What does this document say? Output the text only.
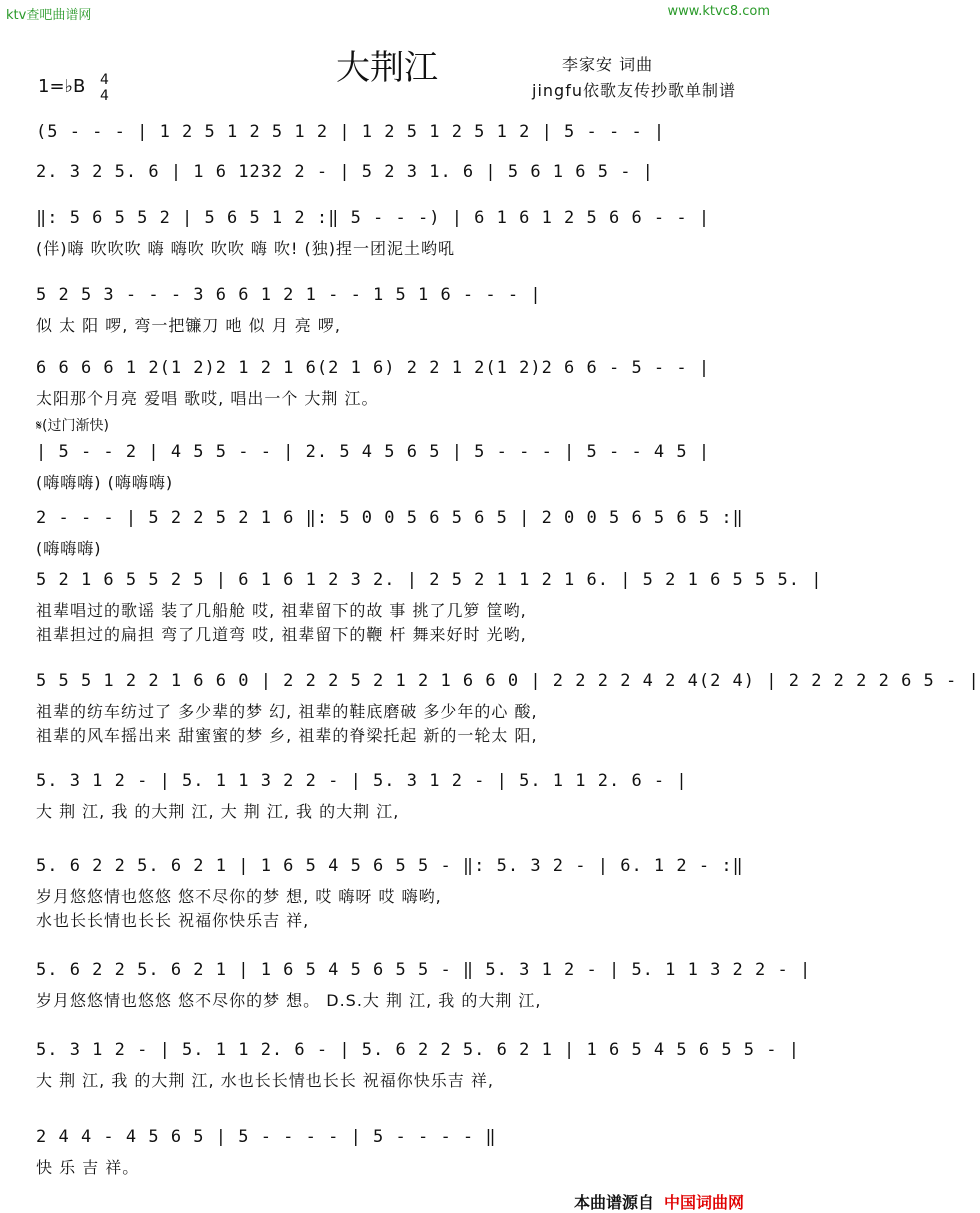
ktv查吧曲谱网	www.ktvc8.com
大荆江	李家安 词曲
jingfu依歌友传抄歌单制谱
1=♭B 4
4
(5 - - - | 1 2 5 1 2 5 1 2 | 1 2 5 1 2 5 1 2 | 5 - - - |
2. 3 2 5. 6 | 1 6 1232 2 - | 5 2 3 1. 6 | 5 6 1 6 5 - |
‖: 5 6 5 5 2 | 5 6 5 1 2 :‖ 5 - - -) | 6 1 6 1 2 5 6 6 - - |
(伴)嗨 吹吹吹 嗨 嗨吹 吹吹 嗨 吹! (独)捏一团泥土哟吼
5 2 5 3 - - - 3 6 6 1 2 1 - - 1 5 1 6 - - - |
似 太 阳 啰, 弯一把镰刀 吔 似 月 亮 啰,
6 6 6 6 1 2(1 2)2 1 2 1 6(2 1 6) 2 2 1 2(1 2)2 6 6 - 5 - - |
太阳那个月亮 爱唱 歌哎, 唱出一个 大荆 江。
| 5 - - 2 | 4 5 5 - - | 2. 5 4 5 6 5 | 5 - - - | 5 - - 4 5 |
(嗨嗨嗨) (嗨嗨嗨)
2 - - - | 5 2 2 5 2 1 6 ‖: 5 0 0 5 6 5 6 5 | 2 0 0 5 6 5 6 5 :‖
(嗨嗨嗨)
5 2 1 6 5 5 2 5 | 6 1 6 1 2 3 2. | 2 5 2 1 1 2 1 6. | 5 2 1 6 5 5 5. |
祖辈唱过的歌谣 装了几船舱 哎, 祖辈留下的故 事 挑了几箩 筐哟,
祖辈担过的扁担 弯了几道弯 哎, 祖辈留下的鞭 杆 舞来好时 光哟,
5 5 5 1 2 2 1 6 6 0 | 2 2 2 5 2 1 2 1 6 6 0 | 2 2 2 2 4 2 4(2 4) | 2 2 2 2 2 6 5 - |
祖辈的纺车纺过了 多少辈的梦 幻, 祖辈的鞋底磨破 多少年的心 酸,
祖辈的风车摇出来 甜蜜蜜的梦 乡, 祖辈的脊梁托起 新的一轮太 阳,
5. 3 1 2 - | 5. 1 1 3 2 2 - | 5. 3 1 2 - | 5. 1 1 2. 6 - |
大 荆 江, 我 的大荆 江, 大 荆 江, 我 的大荆 江,
5. 6 2 2 5. 6 2 1 | 1 6 5 4 5 6 5 5 - ‖: 5. 3 2 - | 6. 1 2 - :‖
岁月悠悠情也悠悠 悠不尽你的梦 想, 哎 嗨呀 哎 嗨哟,
水也长长情也长长 祝福你快乐吉 祥,
5. 6 2 2 5. 6 2 1 | 1 6 5 4 5 6 5 5 - ‖ 5. 3 1 2 - | 5. 1 1 3 2 2 - |
岁月悠悠情也悠悠 悠不尽你的梦 想。 D.S.大 荆 江, 我 的大荆 江,
5. 3 1 2 - | 5. 1 1 2. 6 - | 5. 6 2 2 5. 6 2 1 | 1 6 5 4 5 6 5 5 - |
大 荆 江, 我 的大荆 江, 水也长长情也长长 祝福你快乐吉 祥,
2 4 4 - 4 5 6 5 | 5 - - - - | 5 - - - - ‖
快 乐 吉 祥。
𝄋(过门渐快)
本曲谱源自 中国词曲网
